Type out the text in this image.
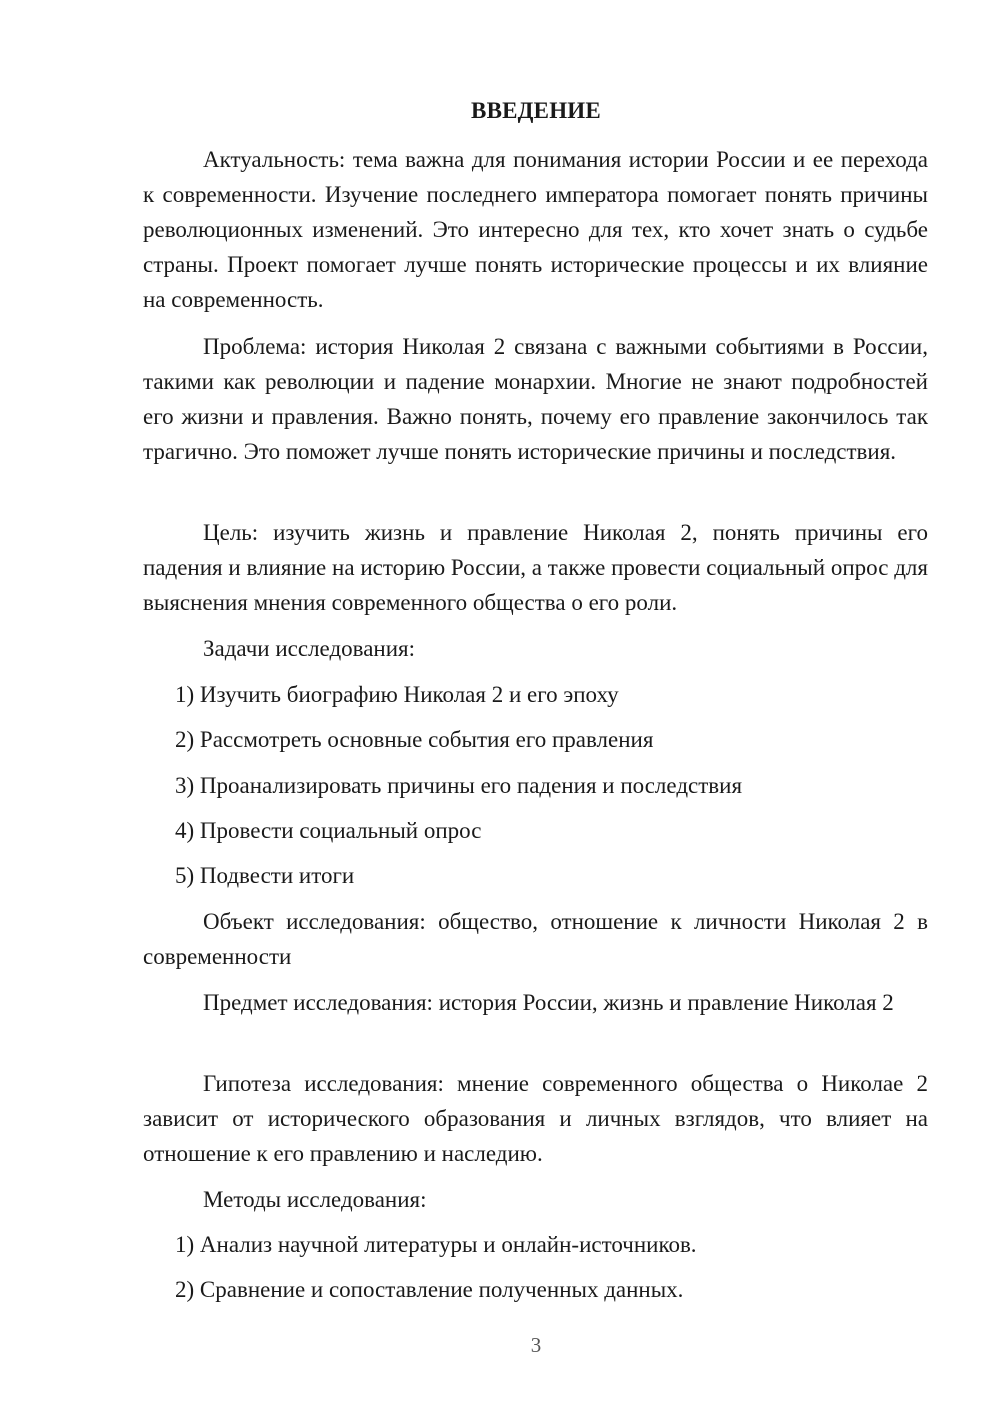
ВВЕДЕНИЕ

Актуальность: тема важна для понимания истории России и ее перехода к современности. Изучение последнего императора помогает понять причины революционных изменений. Это интересно для тех, кто хочет знать о судьбе страны. Проект помогает лучше понять исторические процессы и их влияние на современность.

Проблема: история Николая 2 связана с важными событиями в России, такими как революции и падение монархии. Многие не знают подробностей его жизни и правления. Важно понять, почему его правление закончилось так трагично. Это поможет лучше понять исторические причины и последствия.

Цель: изучить жизнь и правление Николая 2, понять причины его падения и влияние на историю России, а также провести социальный опрос для выяснения мнения современного общества о его роли.

Задачи исследования:

1) Изучить биографию Николая 2 и его эпоху

2) Рассмотреть основные события его правления

3) Проанализировать причины его падения и последствия

4) Провести социальный опрос

5) Подвести итоги

Объект исследования: общество, отношение к личности Николая 2 в современности

Предмет исследования: история России, жизнь и правление Николая 2

Гипотеза исследования: мнение современного общества о Николае 2 зависит от исторического образования и личных взглядов, что влияет на отношение к его правлению и наследию.

Методы исследования:

1) Анализ научной литературы и онлайн-источников.

2) Сравнение и сопоставление полученных данных.

3
